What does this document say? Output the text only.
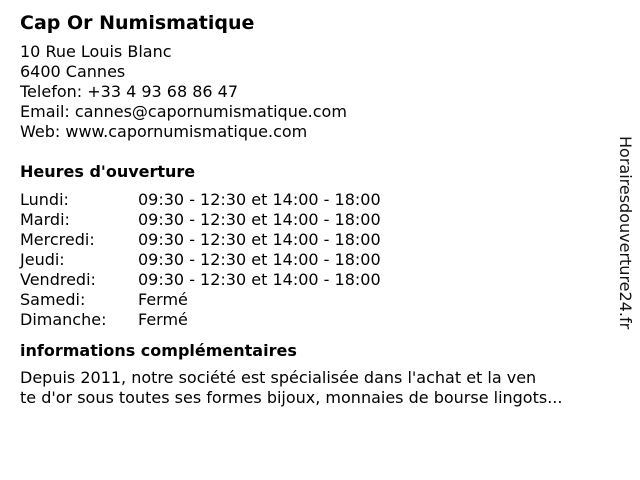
Cap Or Numismatique
10 Rue Louis Blanc
6400 Cannes
Telefon: +33 4 93 68 86 47
Email: cannes@capornumismatique.com
Web: www.capornumismatique.com
Heures d'ouverture
Lundi:	09:30 - 12:30 et 14:00 - 18:00
Mardi:	09:30 - 12:30 et 14:00 - 18:00
Mercredi:	09:30 - 12:30 et 14:00 - 18:00
Jeudi:	09:30 - 12:30 et 14:00 - 18:00
Vendredi:	09:30 - 12:30 et 14:00 - 18:00
Samedi:	Fermé
Dimanche:	Fermé
informations complémentaires

Depuis 2011, notre société est spécialisée dans l'achat et la ven

te d'or sous toutes ses formes bijoux, monnaies de bourse lingots...

Horairesdouverture24.fr
